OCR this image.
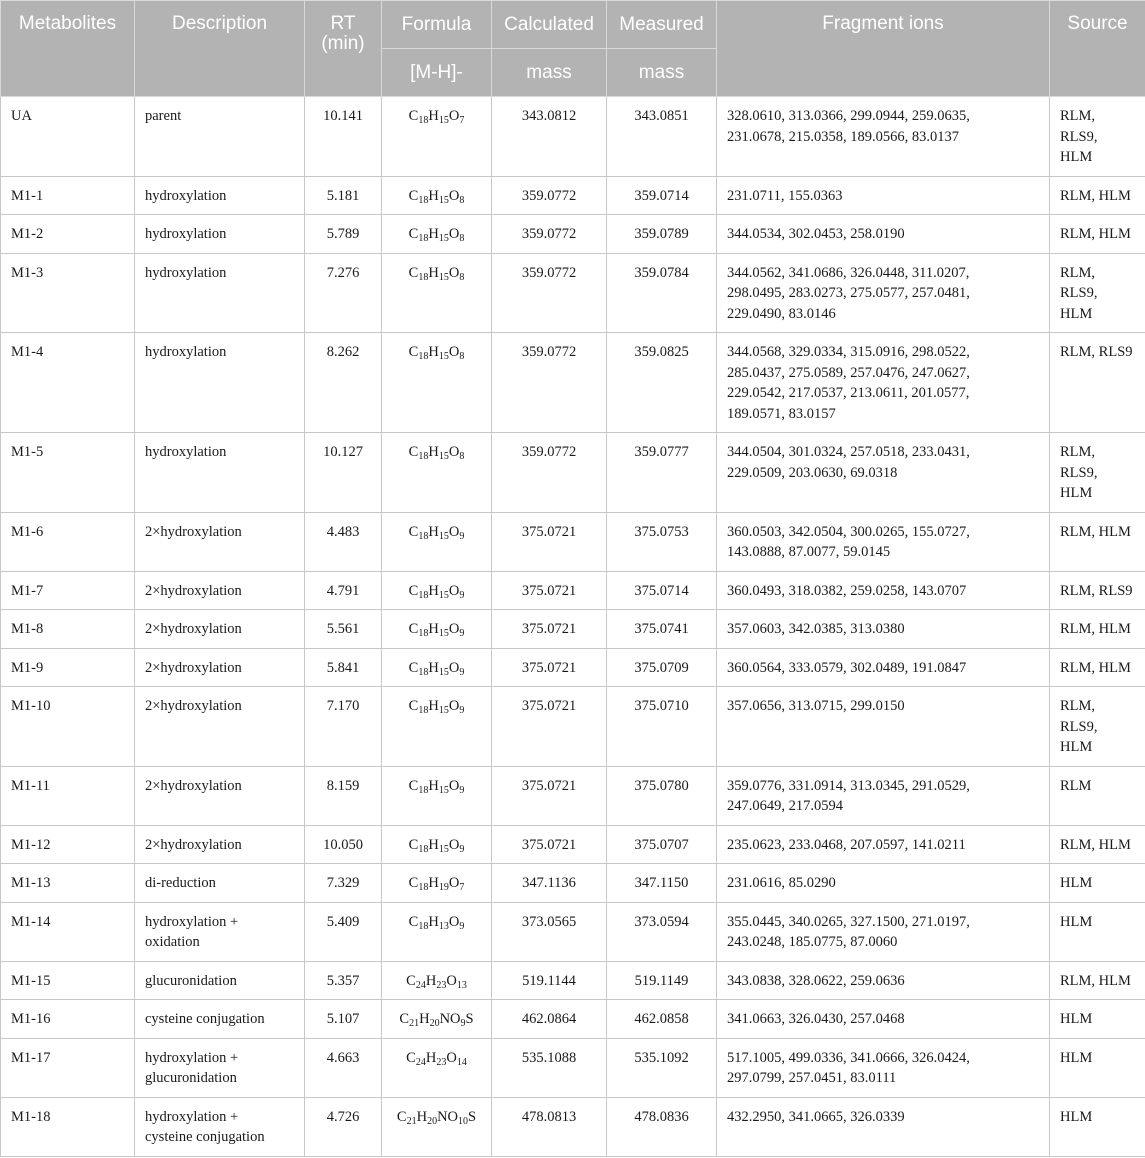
Metabolites	Description	RT
(min)	Formula	Calculated	Measured	Fragment ions	Source
			[M-H]-	mass	mass		
UA	parent	10.141	$C_{18}H_{15}O_7$	343.0812	343.0851	328.0610, 313.0366, 299.0944, 259.0635,
231.0678, 215.0358, 189.0566, 83.0137	RLM,
RLS9,
HLM
M1-1	hydroxylation	5.181	$C_{18}H_{15}O_8$	359.0772	359.0714	231.0711, 155.0363	RLM, HLM
M1-2	hydroxylation	5.789	$C_{18}H_{15}O_8$	359.0772	359.0789	344.0534, 302.0453, 258.0190	RLM, HLM
M1-3	hydroxylation	7.276	$C_{18}H_{15}O_8$	359.0772	359.0784	344.0562, 341.0686, 326.0448, 311.0207,
298.0495, 283.0273, 275.0577, 257.0481,
229.0490, 83.0146	RLM,
RLS9,
HLM
M1-4	hydroxylation	8.262	$C_{18}H_{15}O_8$	359.0772	359.0825	344.0568, 329.0334, 315.0916, 298.0522,
285.0437, 275.0589, 257.0476, 247.0627,
229.0542, 217.0537, 213.0611, 201.0577,
189.0571, 83.0157	RLM, RLS9
M1-5	hydroxylation	10.127	$C_{18}H_{15}O_8$	359.0772	359.0777	344.0504, 301.0324, 257.0518, 233.0431,
229.0509, 203.0630, 69.0318	RLM,
RLS9,
HLM
M1-6	2×hydroxylation	4.483	$C_{18}H_{15}O_9$	375.0721	375.0753	360.0503, 342.0504, 300.0265, 155.0727,
143.0888, 87.0077, 59.0145	RLM, HLM
M1-7	2×hydroxylation	4.791	$C_{18}H_{15}O_9$	375.0721	375.0714	360.0493, 318.0382, 259.0258, 143.0707	RLM, RLS9
M1-8	2×hydroxylation	5.561	$C_{18}H_{15}O_9$	375.0721	375.0741	357.0603, 342.0385, 313.0380	RLM, HLM
M1-9	2×hydroxylation	5.841	$C_{18}H_{15}O_9$	375.0721	375.0709	360.0564, 333.0579, 302.0489, 191.0847	RLM, HLM
M1-10	2×hydroxylation	7.170	$C_{18}H_{15}O_9$	375.0721	375.0710	357.0656, 313.0715, 299.0150	RLM,
RLS9,
HLM
M1-11	2×hydroxylation	8.159	$C_{18}H_{15}O_9$	375.0721	375.0780	359.0776, 331.0914, 313.0345, 291.0529,
247.0649, 217.0594	RLM
M1-12	2×hydroxylation	10.050	$C_{18}H_{15}O_9$	375.0721	375.0707	235.0623, 233.0468, 207.0597, 141.0211	RLM, HLM
M1-13	di-reduction	7.329	$C_{18}H_{19}O_7$	347.1136	347.1150	231.0616, 85.0290	HLM
M1-14	hydroxylation +
oxidation	5.409	$C_{18}H_{13}O_9$	373.0565	373.0594	355.0445, 340.0265, 327.1500, 271.0197,
243.0248, 185.0775, 87.0060	HLM
M1-15	glucuronidation	5.357	$C_{24}H_{23}O_{13}$	519.1144	519.1149	343.0838, 328.0622, 259.0636	RLM, HLM
M1-16	cysteine conjugation	5.107	$C_{21}H_{20}NO_9S$	462.0864	462.0858	341.0663, 326.0430, 257.0468	HLM
M1-17	hydroxylation +
glucuronidation	4.663	$C_{24}H_{23}O_{14}$	535.1088	535.1092	517.1005, 499.0336, 341.0666, 326.0424,
297.0799, 257.0451, 83.0111	HLM
M1-18	hydroxylation +
cysteine conjugation	4.726	$C_{21}H_{20}NO_{10}S$	478.0813	478.0836	432.2950, 341.0665, 326.0339	HLM
